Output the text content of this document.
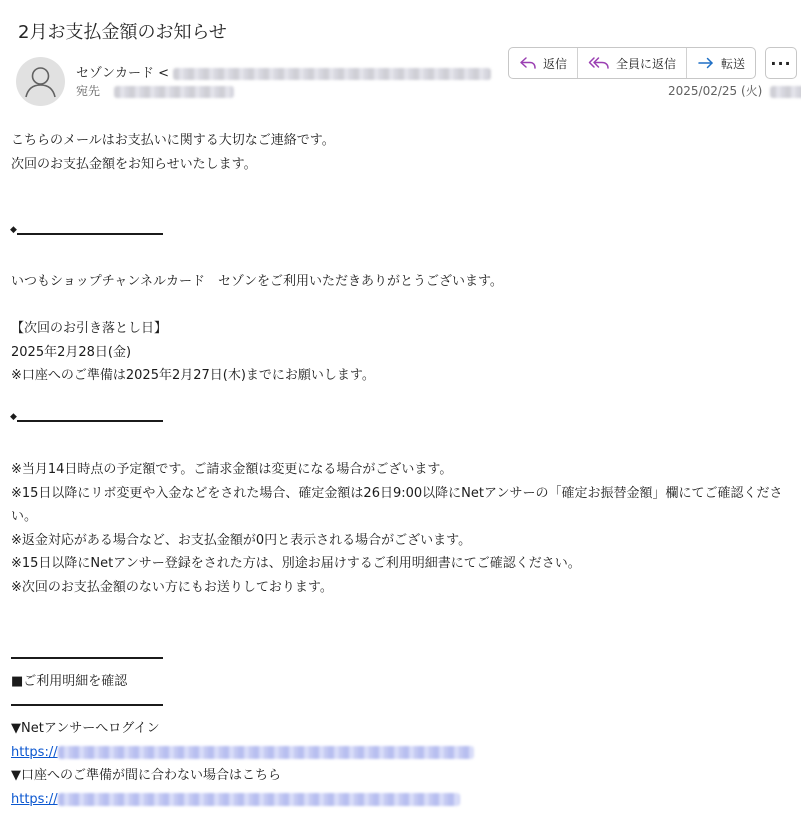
2月お支払金額のお知らせ
セゾンカード <
宛先
返信	全員に返信	転送	···
2025/02/25 (火)
こちらのメールはお支払いに関する大切なご連絡です。
次回のお支払金額をお知らせいたします。
◆
いつもショップチャンネルカード　セゾンをご利用いただきありがとうございます。
【次回のお引き落とし日】
2025年2月28日(金)
※口座へのご準備は2025年2月27日(木)までにお願いします。
◆
※当月14日時点の予定額です。ご請求金額は変更になる場合がございます。
※15日以降にリボ変更や入金などをされた場合、確定金額は26日9:00以降にNetアンサーの「確定お振替金額」欄にてご確認ください。
※返金対応がある場合など、お支払金額が0円と表示される場合がございます。
※15日以降にNetアンサー登録をされた方は、別途お届けするご利用明細書にてご確認ください。
※次回のお支払金額のない方にもお送りしております。
■ご利用明細を確認
▼Netアンサーへログイン
https://
▼口座へのご準備が間に合わない場合はこちら
https://
